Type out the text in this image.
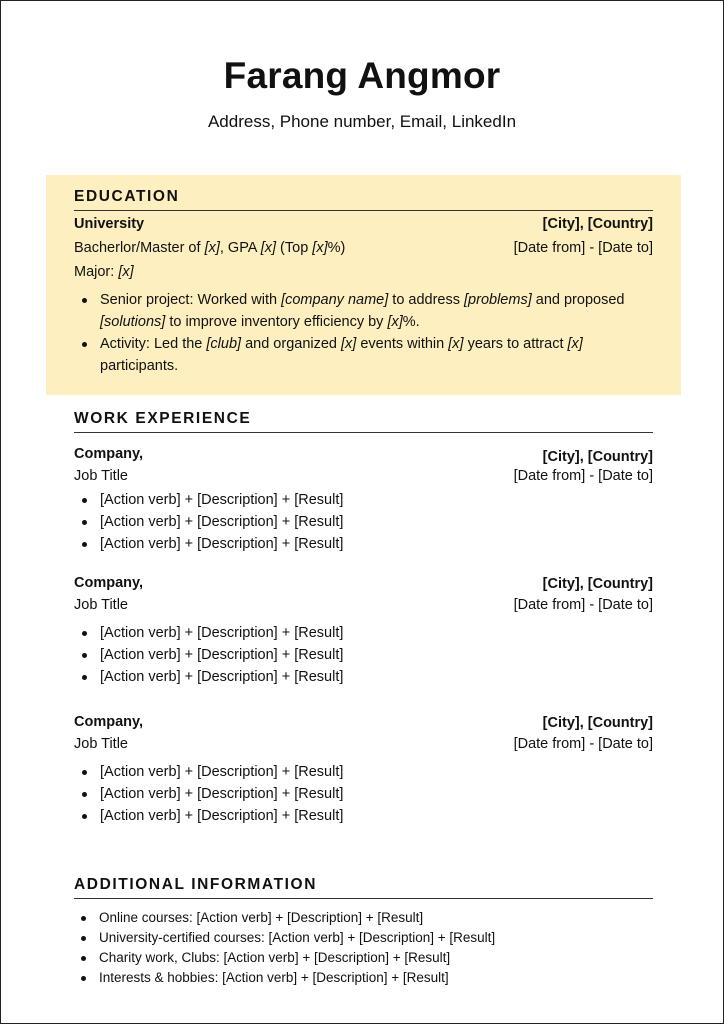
Farang Angmor
Address, Phone number, Email, LinkedIn
EDUCATION
University	[City], [Country]
Bacherlor/Master of [x], GPA [x] (Top [x]%)	[Date from] - [Date to]
Major: [x]
Senior project: Worked with [company name] to address [problems] and proposed [solutions] to improve inventory efficiency by [x]%.
Activity: Led the [club] and organized [x] events within [x] years to attract [x] participants.
WORK EXPERIENCE
Company,	[City], [Country]
Job Title	[Date from] - [Date to]
[Action verb] + [Description] + [Result]
[Action verb] + [Description] + [Result]
[Action verb] + [Description] + [Result]
Company,	[City], [Country]
Job Title	[Date from] - [Date to]
[Action verb] + [Description] + [Result]
[Action verb] + [Description] + [Result]
[Action verb] + [Description] + [Result]
Company,	[City], [Country]
Job Title	[Date from] - [Date to]
[Action verb] + [Description] + [Result]
[Action verb] + [Description] + [Result]
[Action verb] + [Description] + [Result]
ADDITIONAL INFORMATION
Online courses: [Action verb] + [Description] + [Result]
University-certified courses: [Action verb] + [Description] + [Result]
Charity work, Clubs: [Action verb] + [Description] + [Result]
Interests & hobbies: [Action verb] + [Description] + [Result]
